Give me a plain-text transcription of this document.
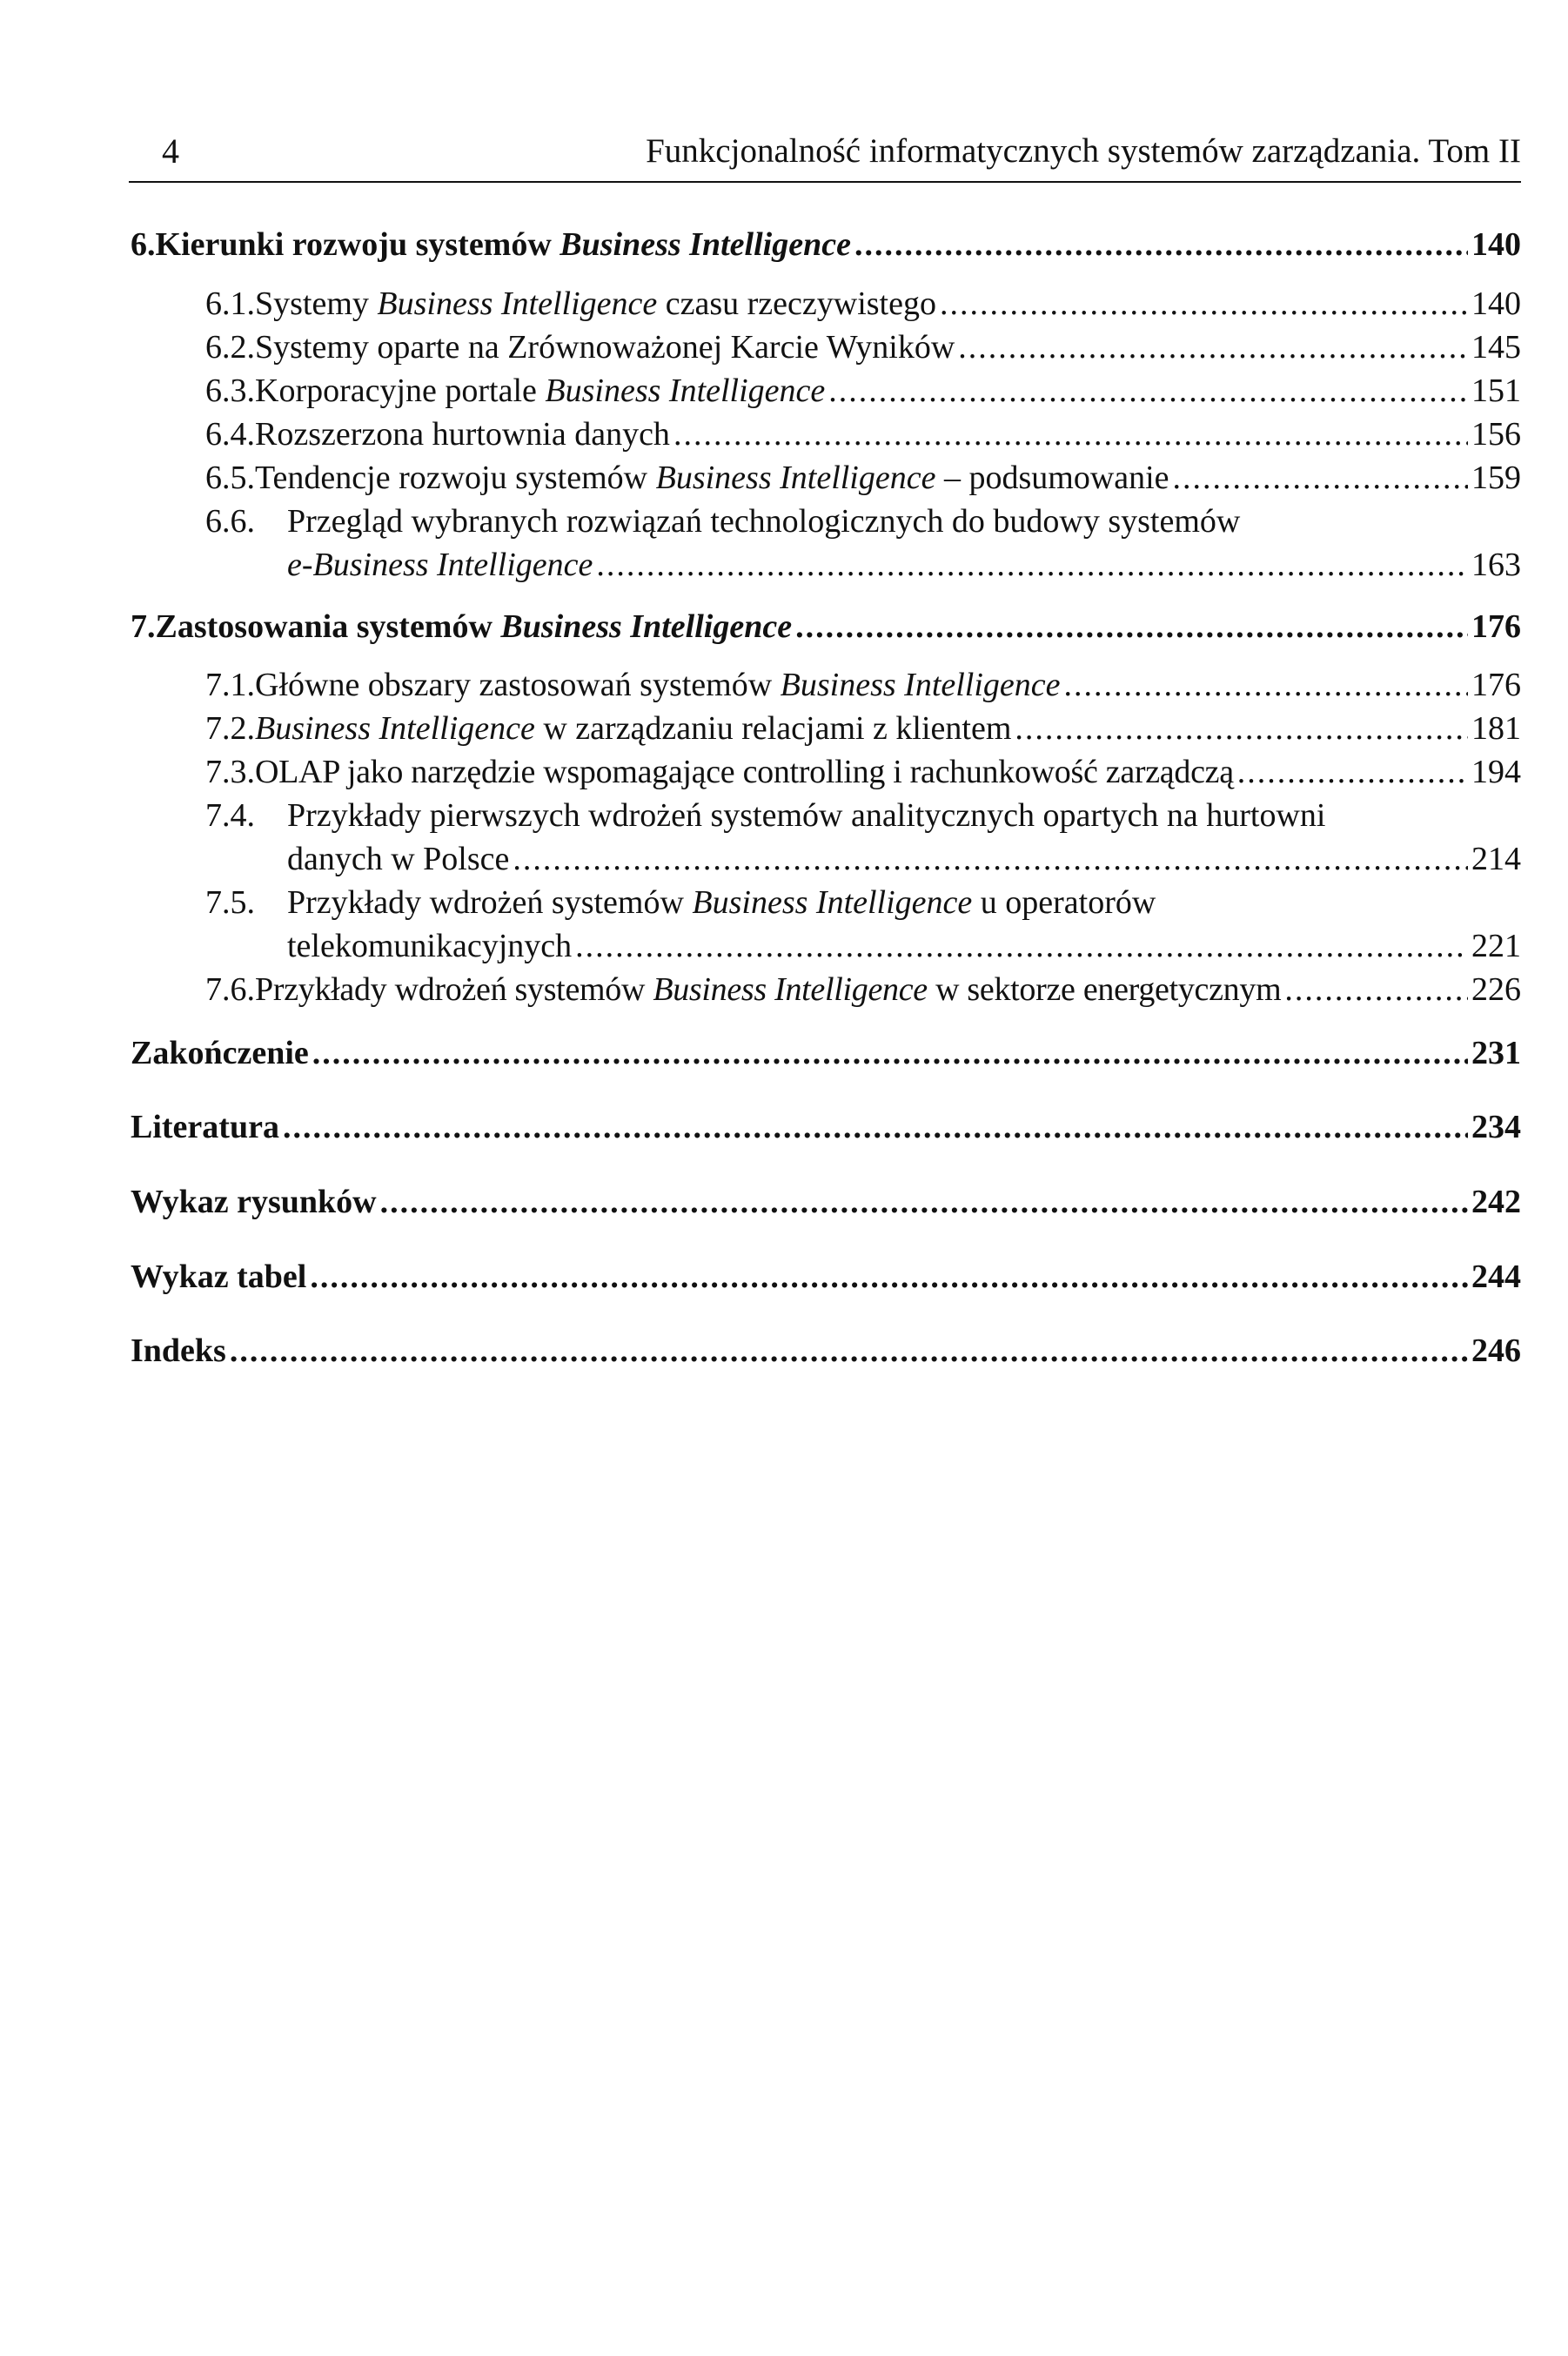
4	Funkcjonalność informatycznych systemów zarządzania. Tom II
6. Kierunki rozwoju systemów Business Intelligence .....	140
6.1. Systemy Business Intelligence czasu rzeczywistego .....	140
6.2. Systemy oparte na Zrównoważonej Karcie Wyników .....	145
6.3. Korporacyjne portale Business Intelligence .....	151
6.4. Rozszerzona hurtownia danych .....	156
6.5. Tendencje rozwoju systemów Business Intelligence – podsumowanie .....	159
6.6. Przegląd wybranych rozwiązań technologicznych do budowy systemów
e-Business Intelligence .....	163
7. Zastosowania systemów Business Intelligence .....	176
7.1. Główne obszary zastosowań systemów Business Intelligence .....	176
7.2. Business Intelligence w zarządzaniu relacjami z klientem .....	181
7.3. OLAP jako narzędzie wspomagające controlling i rachunkowość zarządczą .....	194
7.4. Przykłady pierwszych wdrożeń systemów analitycznych opartych na hurtowni
danych w Polsce .....	214
7.5. Przykłady wdrożeń systemów Business Intelligence u operatorów
telekomunikacyjnych .....	221
7.6. Przykłady wdrożeń systemów Business Intelligence w sektorze energetycznym .....	226
Zakończenie .....	231
Literatura .....	234
Wykaz rysunków .....	242
Wykaz tabel .....	244
Indeks .....	246
